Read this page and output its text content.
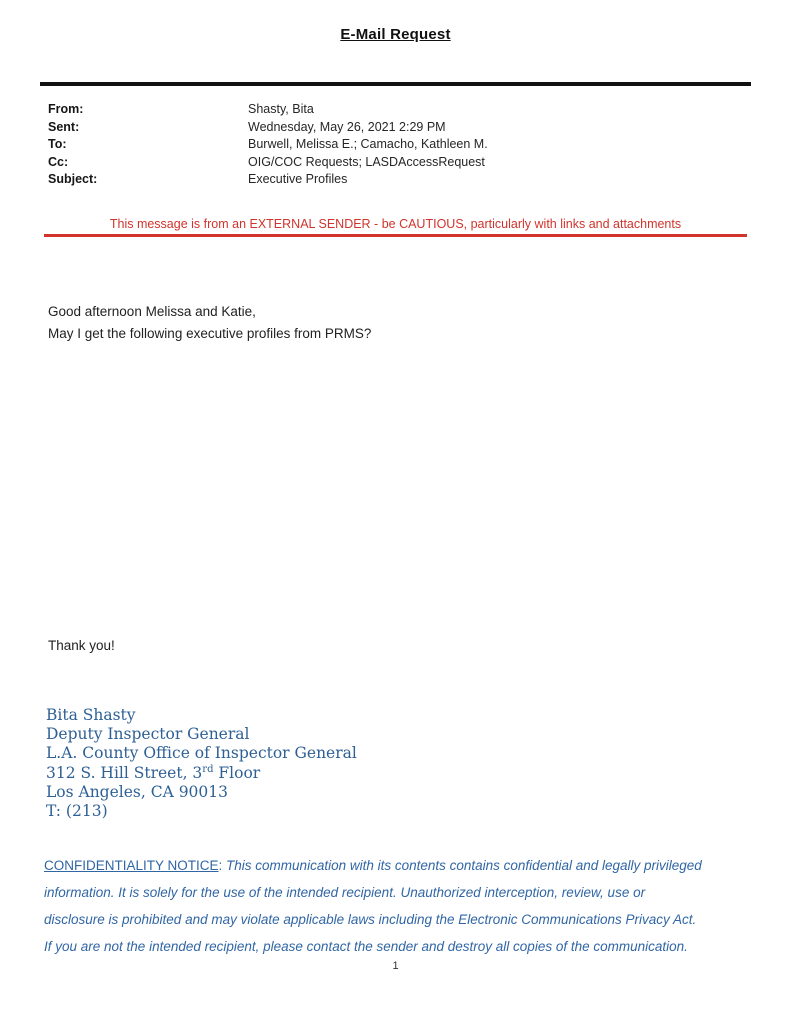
E-Mail Request
From:	Shasty, Bita
Sent:	Wednesday, May 26, 2021 2:29 PM
To:	Burwell, Melissa E.; Camacho, Kathleen M.
Cc:	OIG/COC Requests; LASDAccessRequest
Subject:	Executive Profiles
This message is from an EXTERNAL SENDER - be CAUTIOUS, particularly with links and attachments
Good afternoon Melissa and Katie,
May I get the following executive profiles from PRMS?
Thank you!
Bita Shasty
Deputy Inspector General
L.A. County Office of Inspector General
312 S. Hill Street, 3rd Floor
Los Angeles, CA 90013
T: (213)
CONFIDENTIALITY NOTICE: This communication with its contents contains confidential and legally privileged information. It is solely for the use of the intended recipient. Unauthorized interception, review, use or disclosure is prohibited and may violate applicable laws including the Electronic Communications Privacy Act. If you are not the intended recipient, please contact the sender and destroy all copies of the communication.
1
